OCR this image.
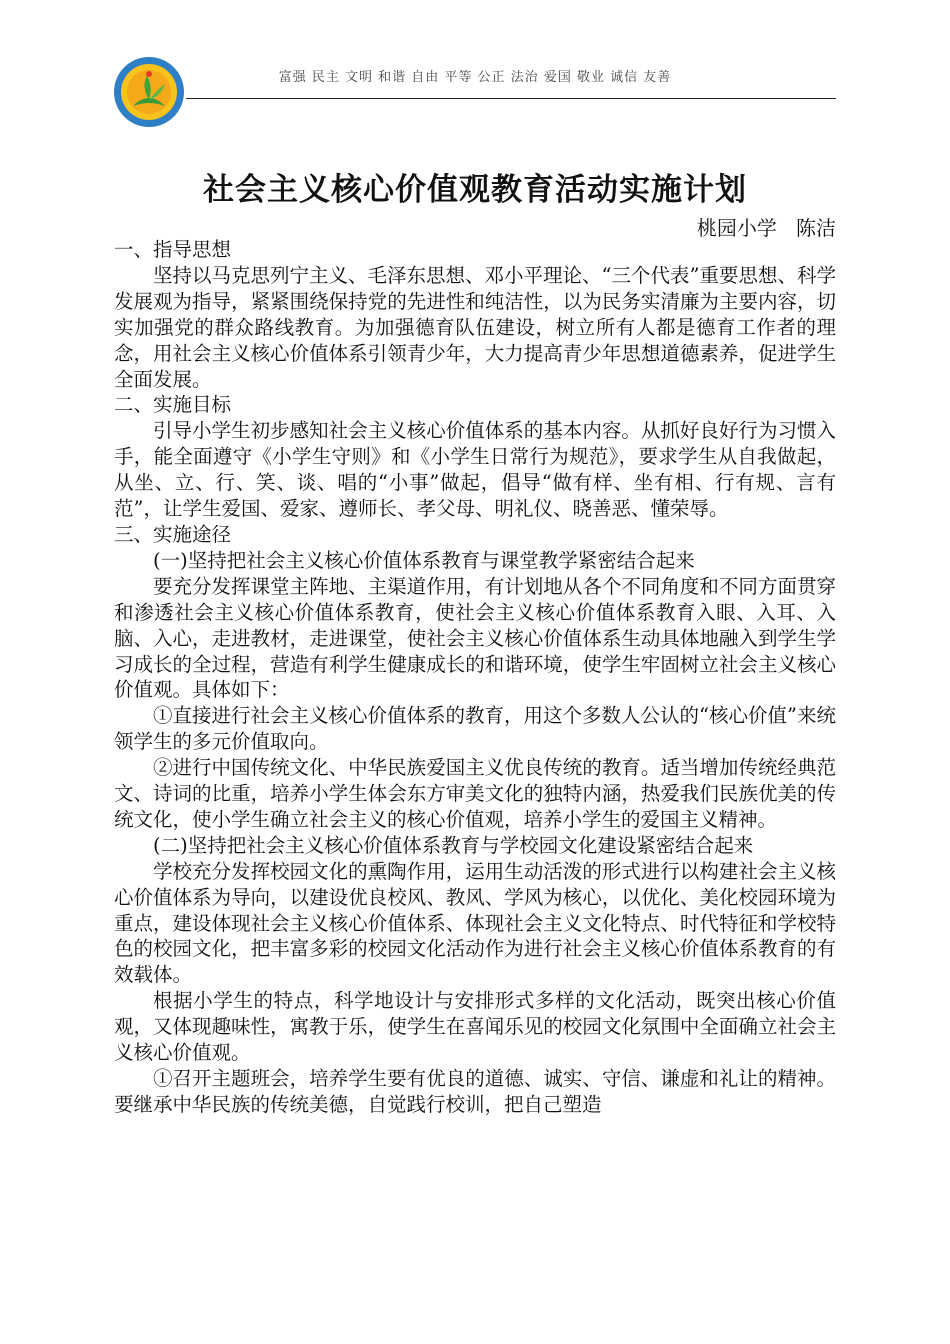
富强 民主 文明 和谐 自由 平等 公正 法治 爱国 敬业 诚信 友善
社会主义核心价值观教育活动实施计划
桃园小学   陈洁

一、指导思想

坚持以马克思列宁主义、毛泽东思想、邓小平理论、“三个代表”重要思想、科学发展观为指导，紧紧围绕保持党的先进性和纯洁性，以为民务实清廉为主要内容，切实加强党的群众路线教育。为加强德育队伍建设，树立所有人都是德育工作者的理念，用社会主义核心价值体系引领青少年，大力提高青少年思想道德素养，促进学生全面发展。

二、实施目标

引导小学生初步感知社会主义核心价值体系的基本内容。从抓好良好行为习惯入手，能全面遵守《小学生守则》和《小学生日常行为规范》，要求学生从自我做起，从坐、立、行、笑、谈、唱的“小事”做起，倡导“做有样、坐有相、行有规、言有范”，让学生爱国、爱家、遵师长、孝父母、明礼仪、晓善恶、懂荣辱。

三、实施途径

(一)坚持把社会主义核心价值体系教育与课堂教学紧密结合起来

要充分发挥课堂主阵地、主渠道作用，有计划地从各个不同角度和不同方面贯穿和渗透社会主义核心价值体系教育，使社会主义核心价值体系教育入眼、入耳、入脑、入心，走进教材，走进课堂，使社会主义核心价值体系生动具体地融入到学生学习成长的全过程，营造有利学生健康成长的和谐环境，使学生牢固树立社会主义核心价值观。具体如下：

①直接进行社会主义核心价值体系的教育，用这个多数人公认的“核心价值”来统领学生的多元价值取向。

②进行中国传统文化、中华民族爱国主义优良传统的教育。适当增加传统经典范文、诗词的比重，培养小学生体会东方审美文化的独特内涵，热爱我们民族优美的传统文化，使小学生确立社会主义的核心价值观，培养小学生的爱国主义精神。

(二)坚持把社会主义核心价值体系教育与学校园文化建设紧密结合起来

学校充分发挥校园文化的熏陶作用，运用生动活泼的形式进行以构建社会主义核心价值体系为导向，以建设优良校风、教风、学风为核心，以优化、美化校园环境为重点，建设体现社会主义核心价值体系、体现社会主义文化特点、时代特征和学校特色的校园文化，把丰富多彩的校园文化活动作为进行社会主义核心价值体系教育的有效载体。

根据小学生的特点，科学地设计与安排形式多样的文化活动，既突出核心价值观，又体现趣味性，寓教于乐，使学生在喜闻乐见的校园文化氛围中全面确立社会主义核心价值观。

①召开主题班会，培养学生要有优良的道德、诚实、守信、谦虚和礼让的精神。要继承中华民族的传统美德，自觉践行校训，把自己塑造
